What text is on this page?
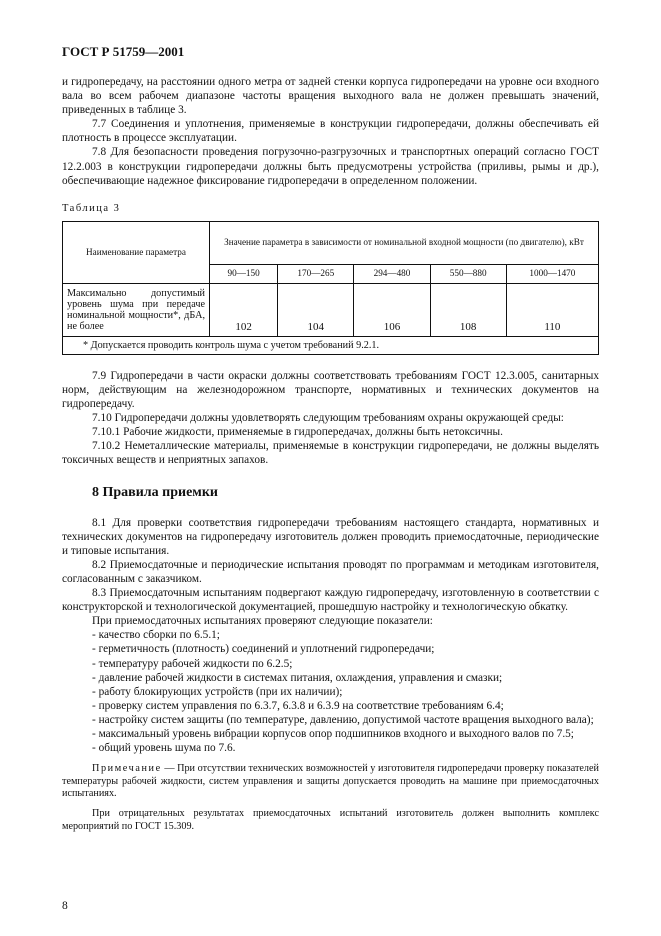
ГОСТ Р 51759—2001

и гидропередачу, на расстоянии одного метра от задней стенки корпуса гидропередачи на уровне оси входного вала во всем рабочем диапазоне частоты вращения выходного вала не должен превышать значений, приведенных в таблице 3.

7.7 Соединения и уплотнения, применяемые в конструкции гидропередачи, должны обеспечивать ей плотность в процессе эксплуатации.

7.8 Для безопасности проведения погрузочно-разгрузочных и транспортных операций согласно ГОСТ 12.2.003 в конструкции гидропередачи должны быть предусмотрены устройства (приливы, рымы и др.), обеспечивающие надежное фиксирование гидропередачи в определенном положении.

Таблица 3
Наименование параметра	Значение параметра в зависимости от номинальной входной мощности (по двигателю), кВт				
	90—150	170—265	294—480	550—880	1000—1470
Максимально допустимый уровень шума при передаче номинальной мощности*, дБА, не более	102	104	106	108	110
* Допускается проводить контроль шума с учетом требований 9.2.1.					

7.9 Гидропередачи в части окраски должны соответствовать требованиям ГОСТ 12.3.005, санитарных норм, действующим на железнодорожном транспорте, нормативных и технических документов на гидропередачу.

7.10 Гидропередачи должны удовлетворять следующим требованиям охраны окружающей среды:

7.10.1 Рабочие жидкости, применяемые в гидропередачах, должны быть нетоксичны.

7.10.2 Неметаллические материалы, применяемые в конструкции гидропередачи, не должны выделять токсичных веществ и неприятных запахов.

8 Правила приемки

8.1 Для проверки соответствия гидропередачи требованиям настоящего стандарта, нормативных и технических документов на гидропередачу изготовитель должен проводить приемосдаточные, периодические и типовые испытания.

8.2 Приемосдаточные и периодические испытания проводят по программам и методикам изготовителя, согласованным с заказчиком.

8.3 Приемосдаточным испытаниям подвергают каждую гидропередачу, изготовленную в соответствии с конструкторской и технологической документацией, прошедшую настройку и технологическую обкатку.

При приемосдаточных испытаниях проверяют следующие показатели:

- качество сборки по 6.5.1;

- герметичность (плотность) соединений и уплотнений гидропередачи;

- температуру рабочей жидкости по 6.2.5;

- давление рабочей жидкости в системах питания, охлаждения, управления и смазки;

- работу блокирующих устройств (при их наличии);

- проверку систем управления по 6.3.7, 6.3.8 и 6.3.9 на соответствие требованиям 6.4;

- настройку систем защиты (по температуре, давлению, допустимой частоте вращения выходного вала);

- максимальный уровень вибрации корпусов опор подшипников входного и выходного валов по 7.5;

- общий уровень шума по 7.6.

Примечание — При отсутствии технических возможностей у изготовителя гидропередачи проверку показателей температуры рабочей жидкости, систем управления и защиты допускается проводить на машине при приемосдаточных испытаниях.

При отрицательных результатах приемосдаточных испытаний изготовитель должен выполнить комплекс мероприятий по ГОСТ 15.309.

8
